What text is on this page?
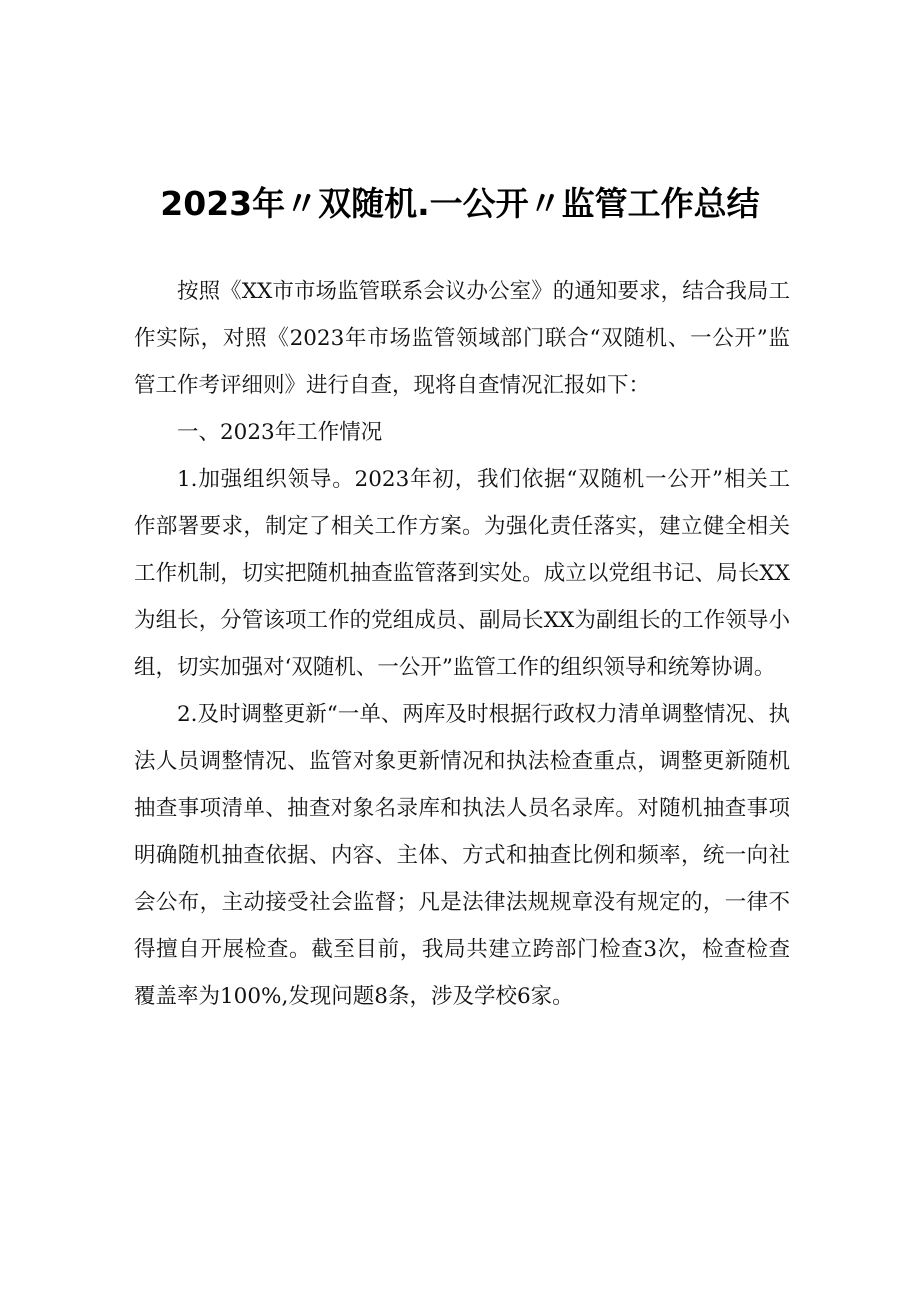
2023年〃双随机.一公开〃监管工作总结

按照《XX市市场监管联系会议办公室》的通知要求，结合我局工作实际，对照《2023年市场监管领域部门联合“双随机、一公开”监管工作考评细则》进行自查，现将自查情况汇报如下：

一、2023年工作情况

1.加强组织领导。2023年初，我们依据“双随机一公开”相关工作部署要求，制定了相关工作方案。为强化责任落实，建立健全相关工作机制，切实把随机抽查监管落到实处。成立以党组书记、局长XX为组长，分管该项工作的党组成员、副局长XX为副组长的工作领导小组，切实加强对‘双随机、一公开”监管工作的组织领导和统筹协调。

2.及时调整更新“一单、两库及时根据行政权力清单调整情况、执法人员调整情况、监管对象更新情况和执法检查重点，调整更新随机抽查事项清单、抽查对象名录库和执法人员名录库。对随机抽查事项明确随机抽查依据、内容、主体、方式和抽查比例和频率，统一向社会公布，主动接受社会监督；凡是法律法规规章没有规定的，一律不得擅自开展检查。截至目前，我局共建立跨部门检查3次，检查检查覆盖率为100%,发现问题8条，涉及学校6家。
